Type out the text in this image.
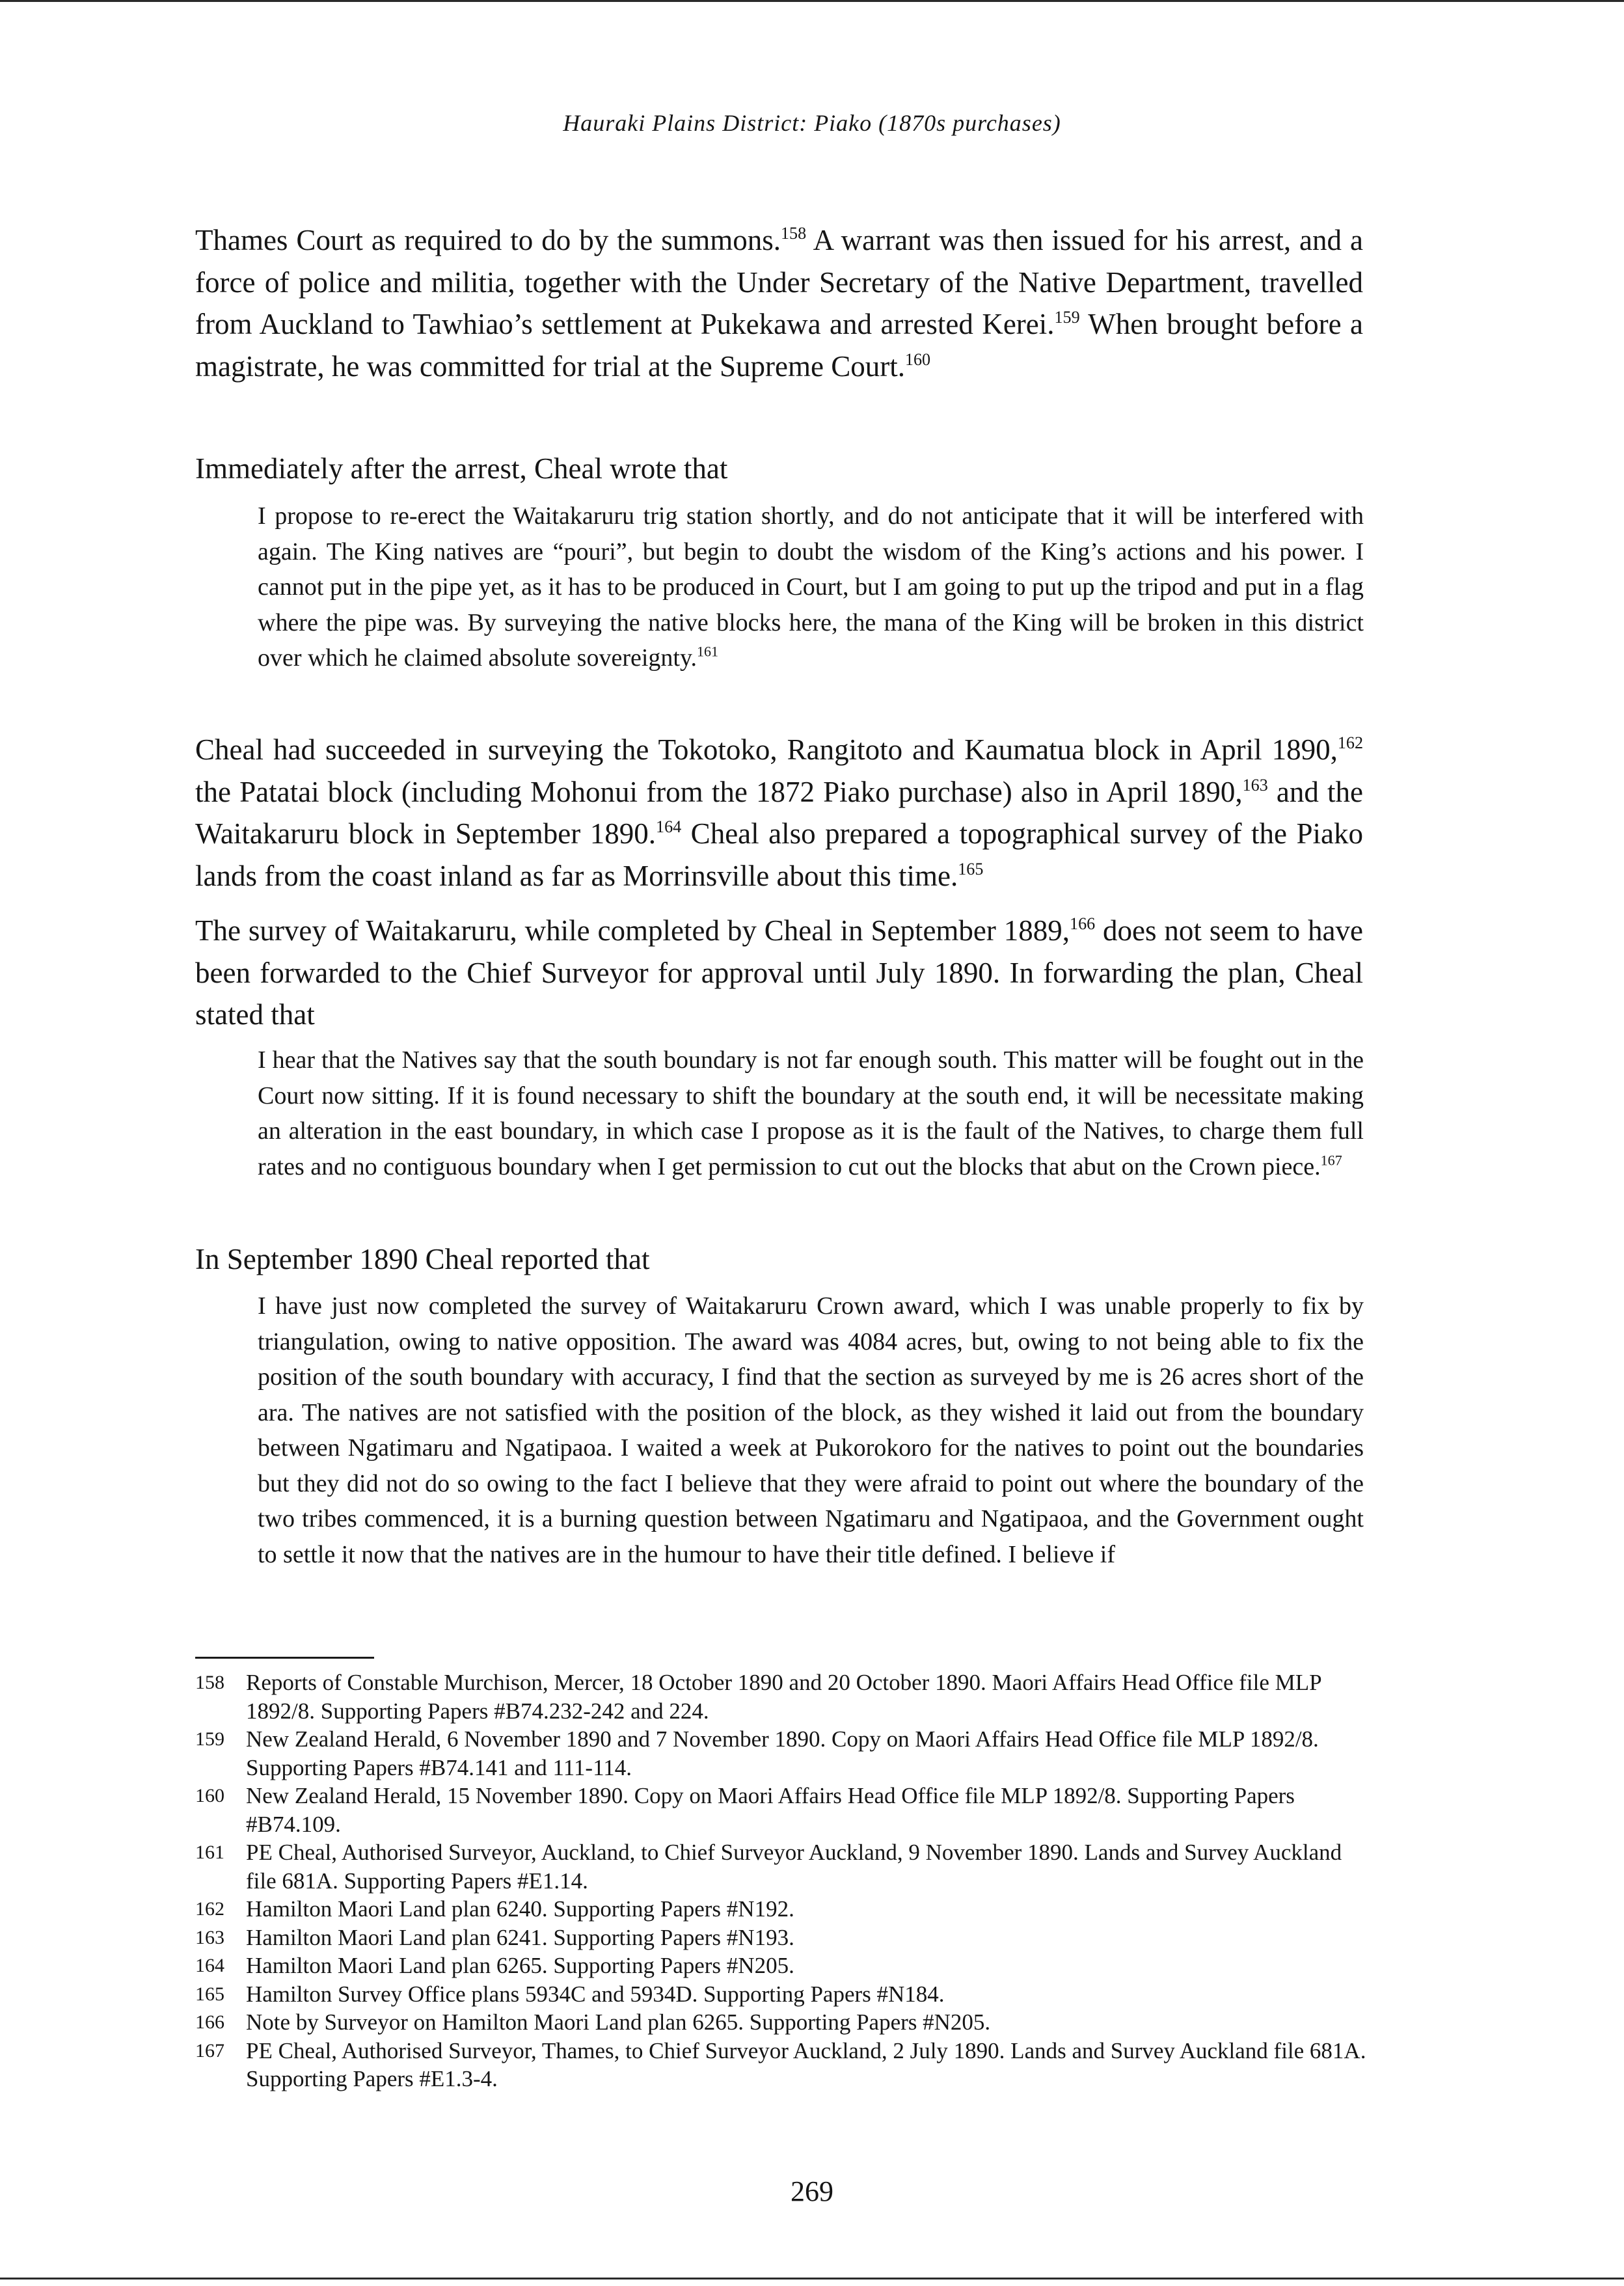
Hauraki Plains District: Piako (1870s purchases)

Thames Court as required to do by the summons.$^{158}$ A warrant was then issued for his arrest, and a force of police and militia, together with the Under Secretary of the Native Department, travelled from Auckland to Tawhiao’s settlement at Pukekawa and arrested Kerei.$^{159}$ When brought before a magistrate, he was committed for trial at the Supreme Court.$^{160}$

Immediately after the arrest, Cheal wrote that

I propose to re-erect the Waitakaruru trig station shortly, and do not anticipate that it will be interfered with again. The King natives are “pouri”, but begin to doubt the wisdom of the King’s actions and his power. I cannot put in the pipe yet, as it has to be produced in Court, but I am going to put up the tripod and put in a flag where the pipe was. By surveying the native blocks here, the mana of the King will be broken in this district over which he claimed absolute sovereignty.$^{161}$

Cheal had succeeded in surveying the Tokotoko, Rangitoto and Kaumatua block in April 1890,$^{162}$ the Patatai block (including Mohonui from the 1872 Piako purchase) also in April 1890,$^{163}$ and the Waitakaruru block in September 1890.$^{164}$ Cheal also prepared a topographical survey of the Piako lands from the coast inland as far as Morrinsville about this time.$^{165}$

The survey of Waitakaruru, while completed by Cheal in September 1889,$^{166}$ does not seem to have been forwarded to the Chief Surveyor for approval until July 1890. In forwarding the plan, Cheal stated that

I hear that the Natives say that the south boundary is not far enough south. This matter will be fought out in the Court now sitting. If it is found necessary to shift the boundary at the south end, it will be necessitate making an alteration in the east boundary, in which case I propose as it is the fault of the Natives, to charge them full rates and no contiguous boundary when I get permission to cut out the blocks that abut on the Crown piece.$^{167}$

In September 1890 Cheal reported that

I have just now completed the survey of Waitakaruru Crown award, which I was unable properly to fix by triangulation, owing to native opposition. The award was 4084 acres, but, owing to not being able to fix the position of the south boundary with accuracy, I find that the section as surveyed by me is 26 acres short of the ara. The natives are not satisfied with the position of the block, as they wished it laid out from the boundary between Ngatimaru and Ngatipaoa. I waited a week at Pukorokoro for the natives to point out the boundaries but they did not do so owing to the fact I believe that they were afraid to point out where the boundary of the two tribes commenced, it is a burning question between Ngatimaru and Ngatipaoa, and the Government ought to settle it now that the natives are in the humour to have their title defined. I believe if

158 Reports of Constable Murchison, Mercer, 18 October 1890 and 20 October 1890. Maori Affairs Head Office file MLP 1892/8. Supporting Papers #B74.232-242 and 224.
159 New Zealand Herald, 6 November 1890 and 7 November 1890. Copy on Maori Affairs Head Office file MLP 1892/8. Supporting Papers #B74.141 and 111-114.
160 New Zealand Herald, 15 November 1890. Copy on Maori Affairs Head Office file MLP 1892/8. Supporting Papers #B74.109.
161 PE Cheal, Authorised Surveyor, Auckland, to Chief Surveyor Auckland, 9 November 1890. Lands and Survey Auckland file 681A. Supporting Papers #E1.14.
162 Hamilton Maori Land plan 6240. Supporting Papers #N192.
163 Hamilton Maori Land plan 6241. Supporting Papers #N193.
164 Hamilton Maori Land plan 6265. Supporting Papers #N205.
165 Hamilton Survey Office plans 5934C and 5934D. Supporting Papers #N184.
166 Note by Surveyor on Hamilton Maori Land plan 6265. Supporting Papers #N205.
167 PE Cheal, Authorised Surveyor, Thames, to Chief Surveyor Auckland, 2 July 1890. Lands and Survey Auckland file 681A. Supporting Papers #E1.3-4.
269
